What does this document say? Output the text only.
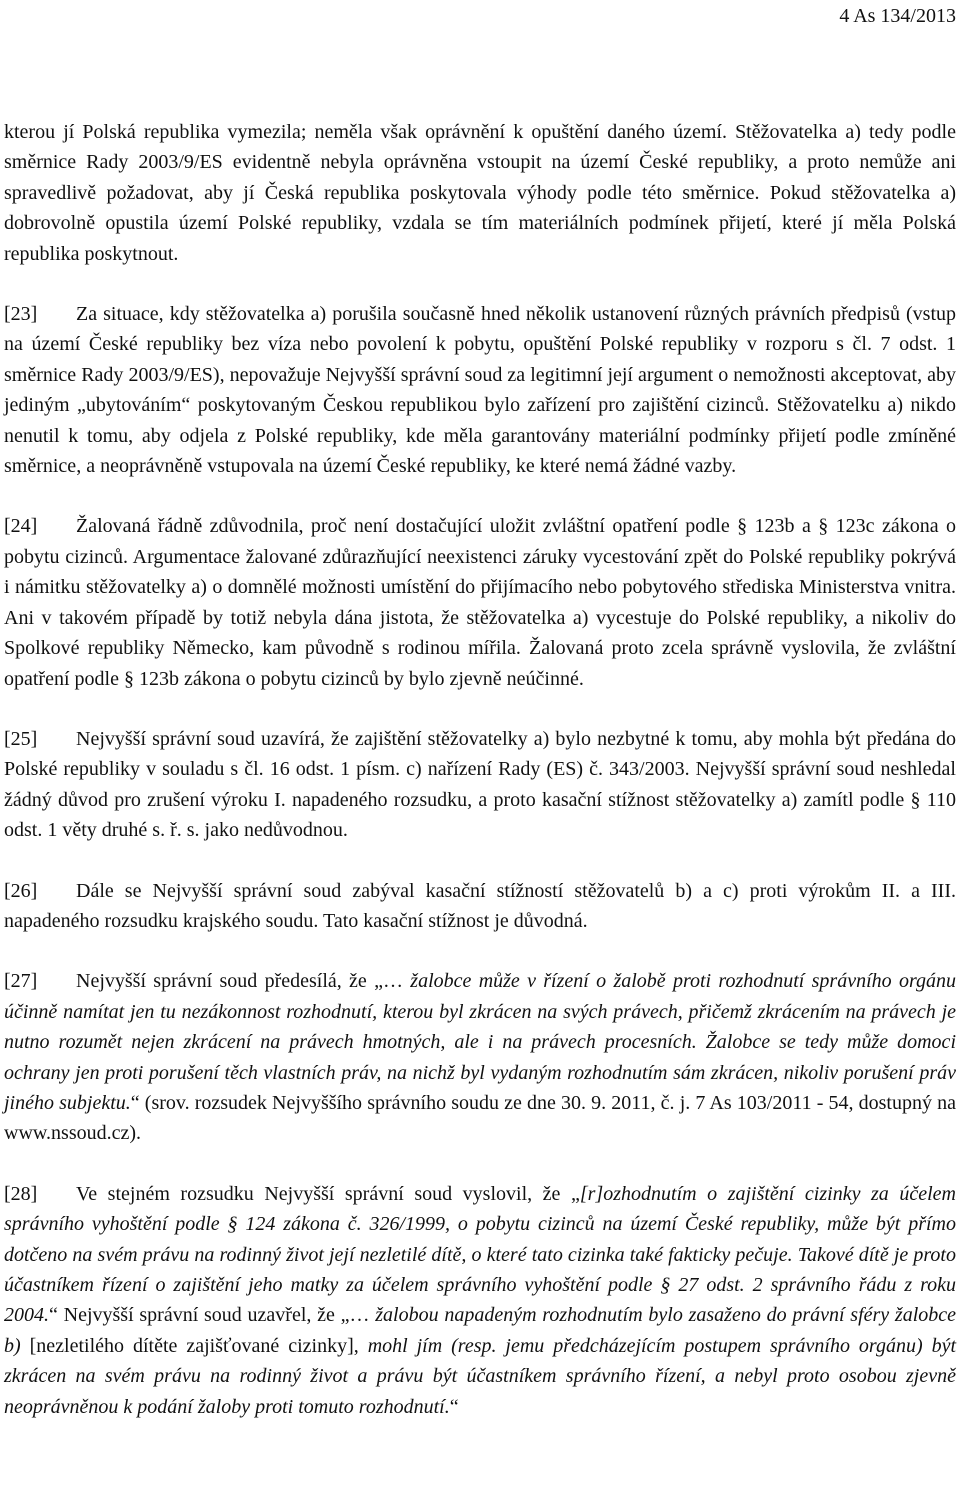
4 As 134/2013

kterou jí Polská republika vymezila; neměla však oprávnění k opuštění daného území. Stěžovatelka a) tedy podle směrnice Rady 2003/9/ES evidentně nebyla oprávněna vstoupit na území České republiky, a proto nemůže ani spravedlivě požadovat, aby jí Česká republika poskytovala výhody podle této směrnice. Pokud stěžovatelka a) dobrovolně opustila území Polské republiky, vzdala se tím materiálních podmínek přijetí, které jí měla Polská republika poskytnout.

[23] Za situace, kdy stěžovatelka a) porušila současně hned několik ustanovení různých právních předpisů (vstup na území České republiky bez víza nebo povolení k pobytu, opuštění Polské republiky v rozporu s čl. 7 odst. 1 směrnice Rady 2003/9/ES), nepovažuje Nejvyšší správní soud za legitimní její argument o nemožnosti akceptovat, aby jediným „ubytováním“ poskytovaným Českou republikou bylo zařízení pro zajištění cizinců. Stěžovatelku a) nikdo nenutil k tomu, aby odjela z Polské republiky, kde měla garantovány materiální podmínky přijetí podle zmíněné směrnice, a neoprávněně vstupovala na území České republiky, ke které nemá žádné vazby.

[24] Žalovaná řádně zdůvodnila, proč není dostačující uložit zvláštní opatření podle § 123b a § 123c zákona o pobytu cizinců. Argumentace žalované zdůrazňující neexistenci záruky vycestování zpět do Polské republiky pokrývá i námitku stěžovatelky a) o domnělé možnosti umístění do přijímacího nebo pobytového střediska Ministerstva vnitra. Ani v takovém případě by totiž nebyla dána jistota, že stěžovatelka a) vycestuje do Polské republiky, a nikoliv do Spolkové republiky Německo, kam původně s rodinou mířila. Žalovaná proto zcela správně vyslovila, že zvláštní opatření podle § 123b zákona o pobytu cizinců by bylo zjevně neúčinné.

[25] Nejvyšší správní soud uzavírá, že zajištění stěžovatelky a) bylo nezbytné k tomu, aby mohla být předána do Polské republiky v souladu s čl. 16 odst. 1 písm. c) nařízení Rady (ES) č. 343/2003. Nejvyšší správní soud neshledal žádný důvod pro zrušení výroku I. napadeného rozsudku, a proto kasační stížnost stěžovatelky a) zamítl podle § 110 odst. 1 věty druhé s. ř. s. jako nedůvodnou.

[26] Dále se Nejvyšší správní soud zabýval kasační stížností stěžovatelů b) a c) proti výrokům II. a III. napadeného rozsudku krajského soudu. Tato kasační stížnost je důvodná.

[27] Nejvyšší správní soud předesílá, že „… žalobce může v řízení o žalobě proti rozhodnutí správního orgánu účinně namítat jen tu nezákonnost rozhodnutí, kterou byl zkrácen na svých právech, přičemž zkrácením na právech je nutno rozumět nejen zkrácení na právech hmotných, ale i na právech procesních. Žalobce se tedy může domoci ochrany jen proti porušení těch vlastních práv, na nichž byl vydaným rozhodnutím sám zkrácen, nikoliv porušení práv jiného subjektu.“ (srov. rozsudek Nejvyššího správního soudu ze dne 30. 9. 2011, č. j. 7 As 103/2011 - 54, dostupný na www.nssoud.cz).

[28] Ve stejném rozsudku Nejvyšší správní soud vyslovil, že „[r]ozhodnutím o zajištění cizinky za účelem správního vyhoštění podle § 124 zákona č. 326/1999, o pobytu cizinců na území České republiky, může být přímo dotčeno na svém právu na rodinný život její nezletilé dítě, o které tato cizinka také fakticky pečuje. Takové dítě je proto účastníkem řízení o zajištění jeho matky za účelem správního vyhoštění podle § 27 odst. 2 správního řádu z roku 2004.“ Nejvyšší správní soud uzavřel, že „… žalobou napadeným rozhodnutím bylo zasaženo do právní sféry žalobce b) [nezletilého dítěte zajišťované cizinky], mohl jím (resp. jemu předcházejícím postupem správního orgánu) být zkrácen na svém právu na rodinný život a právu být účastníkem správního řízení, a nebyl proto osobou zjevně neoprávněnou k podání žaloby proti tomuto rozhodnutí.“
